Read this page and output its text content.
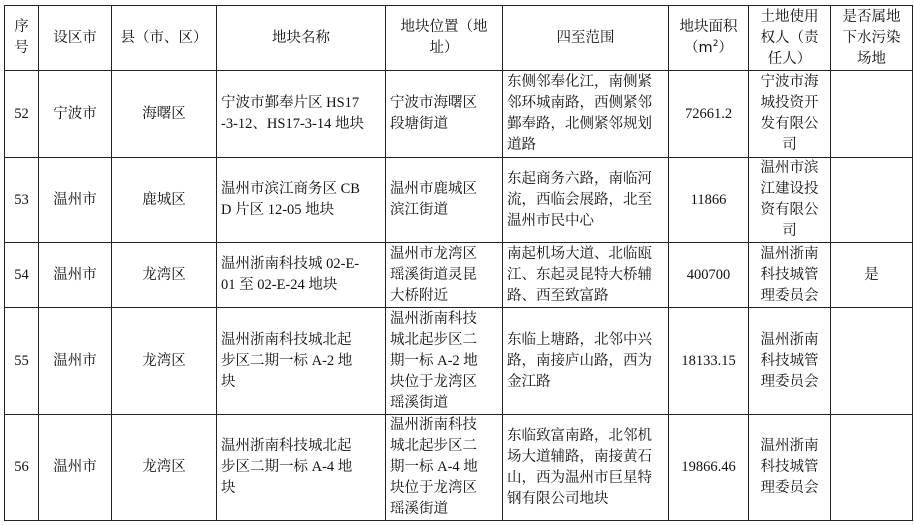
序
号	设区市	县（市、区）	地块名称	地块位置（地
址）	四至范围	地块面积
$(m^2)$	土地使用
权人（责
任人）	是否属地
下水污染
场地
52	宁波市	海曙区	宁波市鄞奉片区 HS17
-3-12、HS17-3-14 地块	宁波市海曙区
段塘街道	东侧邻奉化江，南侧紧
邻环城南路，西侧紧邻
鄞奉路，北侧紧邻规划
道路	72661.2	宁波市海
城投资开
发有限公
司	
53	温州市	鹿城区	温州市滨江商务区 CB
D 片区 12-05 地块	温州市鹿城区
滨江街道	东起商务六路，南临河
流，西临会展路，北至
温州市民中心	11866	温州市滨
江建设投
资有限公
司	
54	温州市	龙湾区	温州浙南科技城 02-E-
01 至 02-E-24 地块	温州市龙湾区
瑶溪街道灵昆
大桥附近	南起机场大道、北临瓯
江、东起灵昆特大桥辅
路、西至致富路	400700	温州浙南
科技城管
理委员会	是
55	温州市	龙湾区	温州浙南科技城北起
步区二期一标 A-2 地
块	温州浙南科技
城北起步区二
期一标 A-2 地
块位于龙湾区
瑶溪街道	东临上塘路，北邻中兴
路，南接庐山路，西为
金江路	18133.15	温州浙南
科技城管
理委员会	
56	温州市	龙湾区	温州浙南科技城北起
步区二期一标 A-4 地
块	温州浙南科技
城北起步区二
期一标 A-4 地
块位于龙湾区
瑶溪街道	东临致富南路，北邻机
场大道辅路，南接黄石
山，西为温州市巨星特
钢有限公司地块	19866.46	温州浙南
科技城管
理委员会	
